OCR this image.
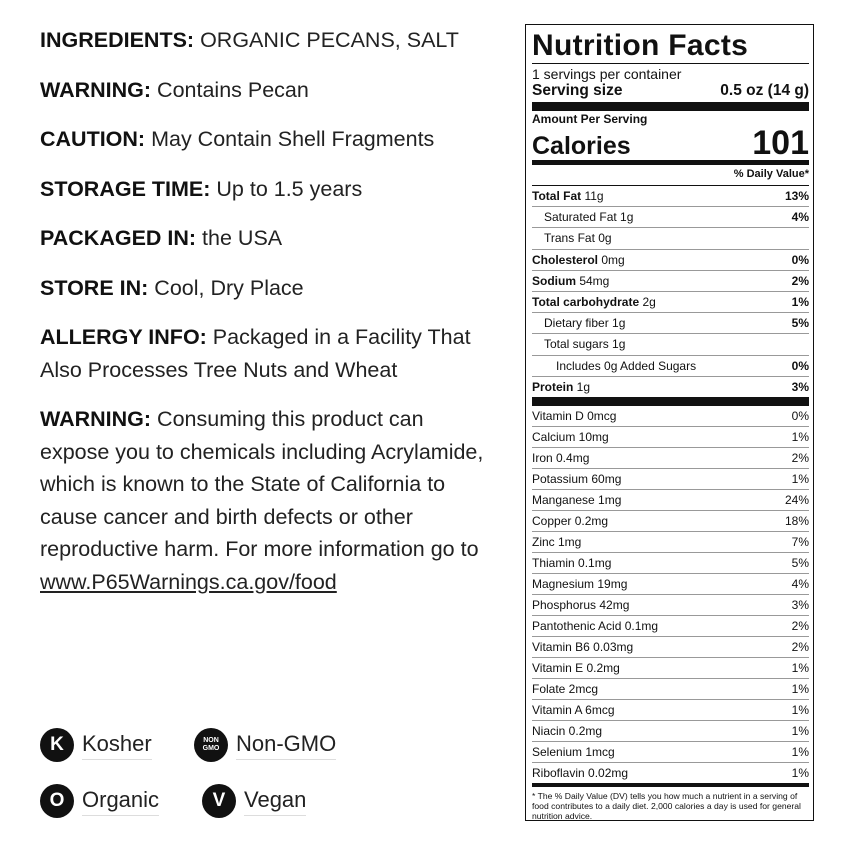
INGREDIENTS: ORGANIC PECANS, SALT

WARNING: Contains Pecan

CAUTION: May Contain Shell Fragments

STORAGE TIME: Up to 1.5 years

PACKAGED IN: the USA

STORE IN: Cool, Dry Place

ALLERGY INFO: Packaged in a Facility That Also Processes Tree Nuts and Wheat

WARNING: Consuming this product can expose you to chemicals including Acrylamide, which is known to the State of California to cause cancer and birth defects or other reproductive harm. For more information go to www.P65Warnings.ca.gov/food

K Kosher	NON
GMO Non-GMO
O Organic	V Vegan
Nutrition Facts
1 servings per container
Serving size	0.5 oz (14 g)
Amount Per Serving
Calories	101
% Daily Value*
Total Fat 11g	13%
Saturated Fat 1g	4%
Trans Fat 0g
Cholesterol 0mg	0%
Sodium 54mg	2%
Total carbohydrate 2g	1%
Dietary fiber 1g	5%
Total sugars 1g
Includes 0g Added Sugars	0%
Protein 1g	3%
Vitamin D 0mcg	0%
Calcium 10mg	1%
Iron 0.4mg	2%
Potassium 60mg	1%
Manganese 1mg	24%
Copper 0.2mg	18%
Zinc 1mg	7%
Thiamin 0.1mg	5%
Magnesium 19mg	4%
Phosphorus 42mg	3%
Pantothenic Acid 0.1mg	2%
Vitamin B6 0.03mg	2%
Vitamin E 0.2mg	1%
Folate 2mcg	1%
Vitamin A 6mcg	1%
Niacin 0.2mg	1%
Selenium 1mcg	1%
Riboflavin 0.02mg	1%
* The % Daily Value (DV) tells you how much a nutrient in a serving of food contributes to a daily diet. 2,000 calories a day is used for general nutrition advice.
